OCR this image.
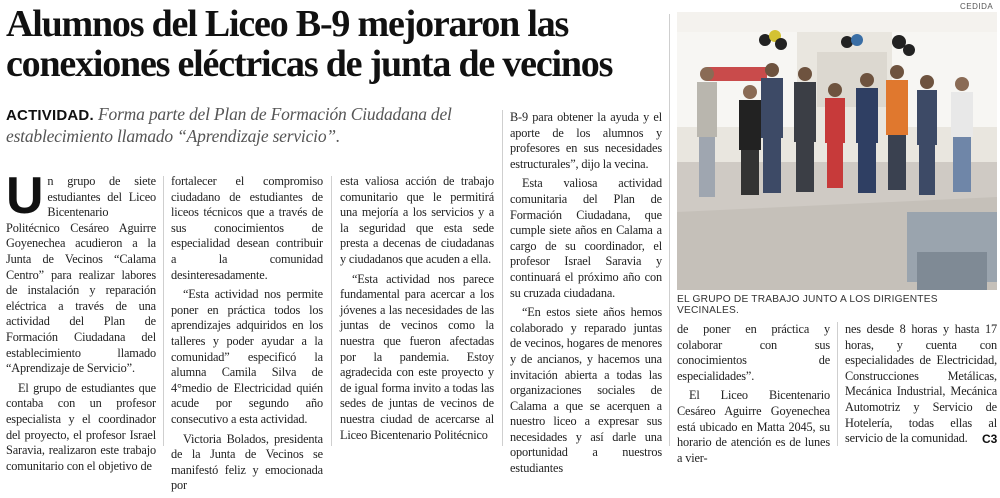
Alumnos del Liceo B-9 mejoraron las conexiones eléctricas de junta de vecinos
ACTIVIDAD. Forma parte del Plan de Formación Ciudadana del establecimiento llamado “Aprendizaje servicio”.
U n grupo de siete estudiantes del Liceo Bicentenario Politécnico Cesáreo Aguirre Goyenechea acudieron a la Junta de Vecinos “Calama Centro” para realizar labores de instalación y reparación eléctrica a través de una actividad del Plan de Formación Ciudadana del establecimiento llamado “Aprendizaje de Servicio”.

El grupo de estudiantes que contaba con un profesor especialista y el coordinador del proyecto, el profesor Israel Saravia, realizaron este trabajo comunitario con el objetivo de

fortalecer el compromiso ciudadano de estudiantes de liceos técnicos que a través de sus conocimientos de especialidad desean contribuir a la comunidad desinteresadamente.

“Esta actividad nos permite poner en práctica todos los aprendizajes adquiridos en los talleres y poder ayudar a la comunidad” especificó la alumna Camila Silva de 4°medio de Electricidad quién acude por segundo año consecutivo a esta actividad.

Victoria Bolados, presidenta de la Junta de Vecinos se manifestó feliz y emocionada por

esta valiosa acción de trabajo comunitario que le permitirá una mejoría a los servicios y a la seguridad que esta sede presta a decenas de ciudadanas y ciudadanos que acuden a ella.

“Esta actividad nos parece fundamental para acercar a los jóvenes a las necesidades de las juntas de vecinos como la nuestra que fueron afectadas por la pandemia. Estoy agradecida con este proyecto y de igual forma invito a todas las sedes de juntas de vecinos de nuestra ciudad de acercarse al Liceo Bicentenario Politécnico

B-9 para obtener la ayuda y el aporte de los alumnos y profesores en sus necesidades estructurales”, dijo la vecina.

Esta valiosa actividad comunitaria del Plan de Formación Ciudadana, que cumple siete años en Calama a cargo de su coordinador, el profesor Israel Saravia y continuará el próximo año con su cruzada ciudadana.

“En estos siete años hemos colaborado y reparado juntas de vecinos, hogares de menores y de ancianos, y hacemos una invitación abierta a todas las organizaciones sociales de Calama a que se acerquen a nuestro liceo a expresar sus necesidades y así darle una oportunidad a nuestros estudiantes

de poner en práctica y colaborar con sus conocimientos de especialidades”.

El Liceo Bicentenario Cesáreo Aguirre Goyenechea está ubicado en Matta 2045, su horario de atención es de lunes a vier-

nes desde 8 horas y hasta 17 horas, y cuenta con especialidades de Electricidad, Construcciones Metálicas, Mecánica Industrial, Mecánica Automotriz y Servicio de Hotelería, todas ellas al servicio de la comunidad.	C3
CEDIDA
EL GRUPO DE TRABAJO JUNTO A LOS DIRIGENTES VECINALES.
